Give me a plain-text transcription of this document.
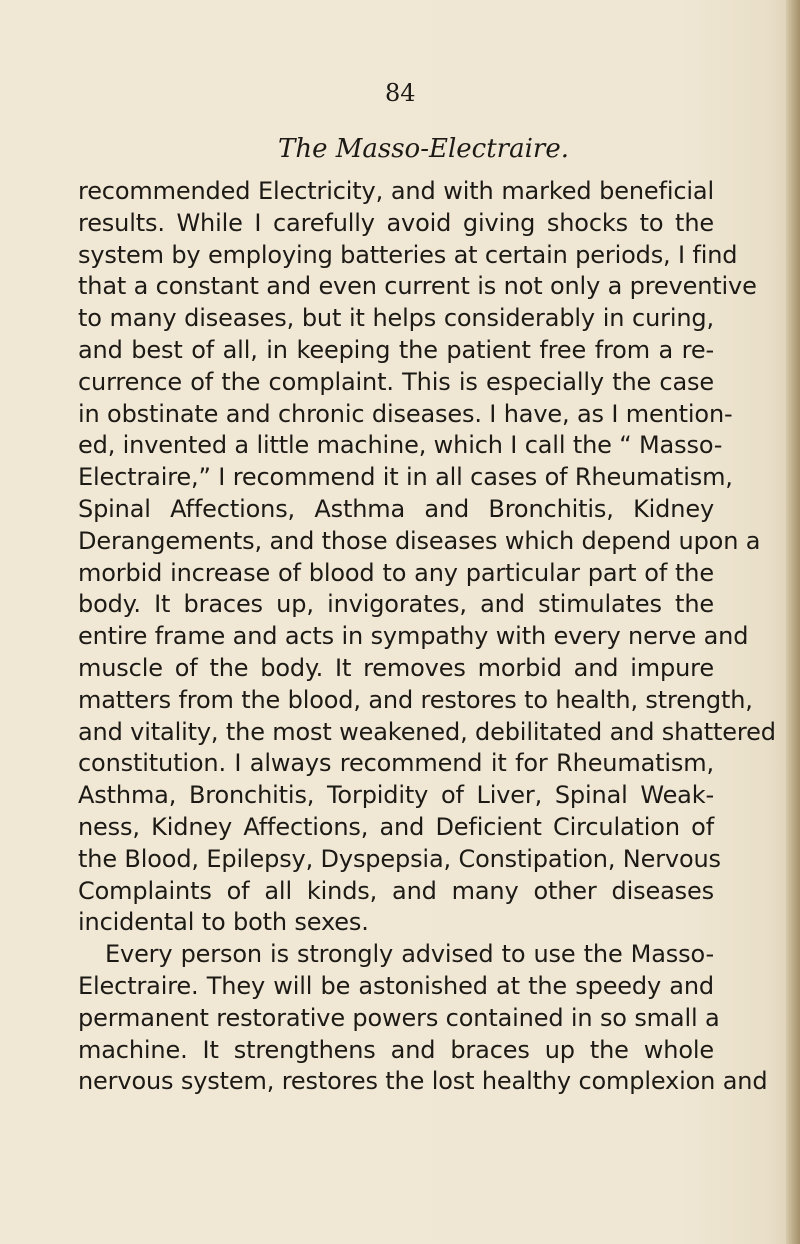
84
The Masso-Electraire.
recommended Electricity, and with marked beneficial
results. While I carefully avoid giving shocks to the
system by employing batteries at certain periods, I find
that a constant and even current is not only a preventive
to many diseases, but it helps considerably in curing,
and best of all, in keeping the patient free from a re-
currence of the complaint. This is especially the case
in obstinate and chronic diseases. I have, as I mention-
ed, invented a little machine, which I call the “ Masso-
Electraire,” I recommend it in all cases of Rheumatism,
Spinal Affections, Asthma and Bronchitis, Kidney
Derangements, and those diseases which depend upon a
morbid increase of blood to any particular part of the
body. It braces up, invigorates, and stimulates the
entire frame and acts in sympathy with every nerve and
muscle of the body. It removes morbid and impure
matters from the blood, and restores to health, strength,
and vitality, the most weakened, debilitated and shattered
constitution. I always recommend it for Rheumatism,
Asthma, Bronchitis, Torpidity of Liver, Spinal Weak-
ness, Kidney Affections, and Deficient Circulation of
the Blood, Epilepsy, Dyspepsia, Constipation, Nervous
Complaints of all kinds, and many other diseases
incidental to both sexes.
Every person is strongly advised to use the Masso-
Electraire. They will be astonished at the speedy and
permanent restorative powers contained in so small a
machine. It strengthens and braces up the whole
nervous system, restores the lost healthy complexion and
